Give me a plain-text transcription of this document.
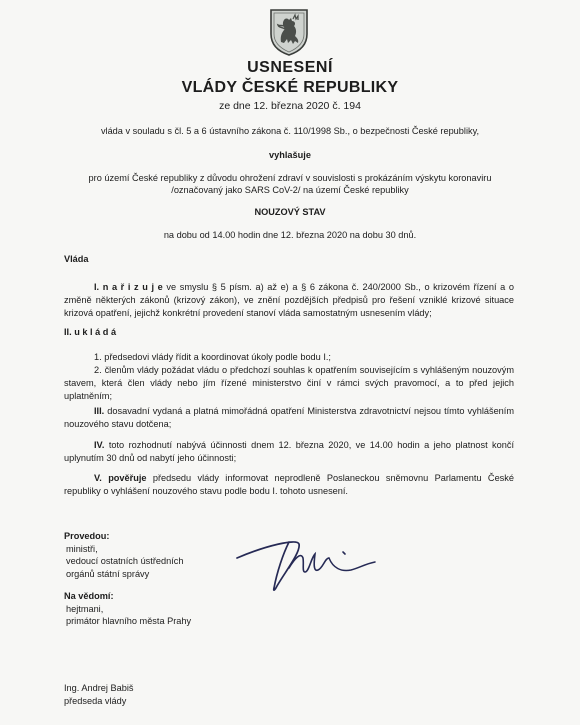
USNESENÍ
VLÁDY ČESKÉ REPUBLIKY
ze dne 12. března 2020 č. 194
vláda v souladu s čl. 5 a 6 ústavního zákona č. 110/1998 Sb., o bezpečnosti České republiky,
vyhlašuje
pro území České republiky z důvodu ohrožení zdraví v souvislosti s prokázáním výskytu koronaviru
/označovaný jako SARS CoV-2/ na území České republiky
NOUZOVÝ STAV
na dobu od 14.00 hodin dne 12. března 2020 na dobu 30 dnů.
Vláda
I. n a ř i z u j e ve smyslu § 5 písm. a) až e) a § 6 zákona č. 240/2000 Sb., o krizovém řízení a o změně některých zákonů (krizový zákon), ve znění pozdějších předpisů pro řešení vzniklé krizové situace krizová opatření, jejichž konkrétní provedení stanoví vláda samostatným usnesením vlády;
II. u k l á d á
1. předsedovi vlády řídit a koordinovat úkoly podle bodu I.;
2. členům vlády požádat vládu o předchozí souhlas k opatřením souvisejícím s vyhlášeným nouzovým stavem, která člen vlády nebo jím řízené ministerstvo činí v rámci svých pravomocí, a to před jejich uplatněním;
III. dosavadní vydaná a platná mimořádná opatření Ministerstva zdravotnictví nejsou tímto vyhlášením nouzového stavu dotčena;
IV. toto rozhodnutí nabývá účinnosti dnem 12. března 2020, ve 14.00 hodin a jeho platnost končí uplynutím 30 dnů od nabytí jeho účinnosti;
V. pověřuje předsedu vlády informovat neprodleně Poslaneckou sněmovnu Parlamentu České republiky o vyhlášení nouzového stavu podle bodu I. tohoto usnesení.
Provedou:
ministři,
vedoucí ostatních ústředních
orgánů státní správy
Na vědomí:
hejtmani,
primátor hlavního města Prahy
Ing. Andrej Babiš
předseda vlády
